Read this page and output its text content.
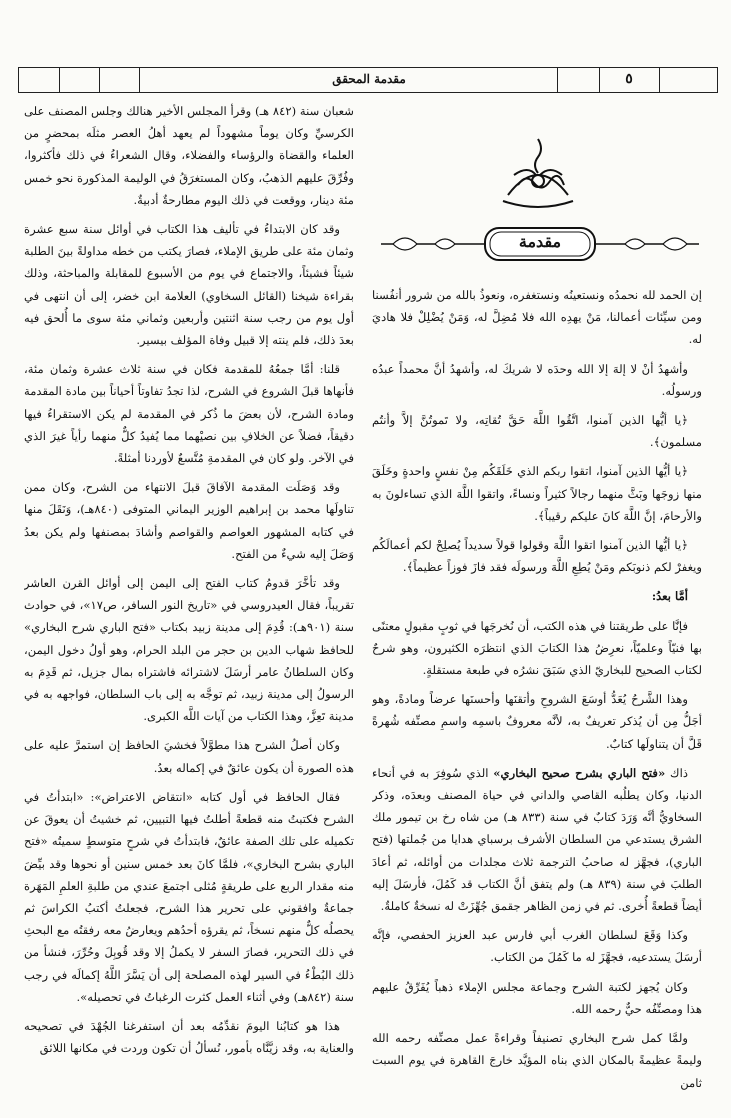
مقدمة المحقق	٥
مقدمة

إن الحمد لله نحمدُه ونستعينُه ونستغفره، ونعوذُ بالله من شرور أنفُسنا ومن سيِّئات أعمالنا، مَنْ يهدِه الله فلا مُضِلَّ له، وَمَنْ يُضْلِلْ فلا هاديَ له.

وأشهدُ أنْ لا إلهَ إلا الله وحدَه لا شريكَ له، وأشهدُ أنَّ محمداً عبدُه ورسولُه.

﴿يا أيُّها الذين آمنوا، اتَّقُوا اللَّهَ حَقَّ تُقاتِه، ولا تَموتُنَّ إلاَّ وأنتُم مسلمون﴾.

﴿يا أيُّها الذين آمنوا، اتقوا ربكم الذي خَلَقَكُم مِنْ نفسٍ واحدةٍ وخَلَقَ منها زوجَها وبَثَّ منهما رجالاً كثيراً ونساءً، واتقوا اللَّهَ الذي تساءلونَ به والأرحامَ، إنَّ اللَّهَ كانَ عليكم رقيباً﴾.

﴿يا أيُّها الذين آمنوا اتقوا اللَّهَ وقولوا قولاً سديداً يُصلِحْ لكم أعمالَكُم ويغفرْ لكم ذنوبَكم ومَنْ يُطِعِ اللَّهَ ورسولَه فقد فازَ فوزاً عظيماً﴾.

أمَّا بعدُ:

فإنَّا على طريقتنا في هذه الكتب، أن نُخرجَها في ثوبٍ مقبولٍ معتنًى بها فنيّاً وعلميّاً، نعرِضُ هذا الكتابَ الذي انتظرَه الكثيرون، وهو شرحٌ لكتاب الصحيح للبخاريّ الذي سَبَقَ نشرُه في طبعة مستقلةٍ.

وهذا الشَّرحُ يُعَدُّ أوسَعَ الشروحِ وأتقنَها وأحسنَها عرضاً ومادةً، وهو أجَلُّ مِن أن يُذكر تعريفٌ به، لأنَّه معروفٌ باسمِه واسمِ مصنِّفه شُهرةً قَلَّ أن يتناولَها كتابٌ.

ذاك «فتح الباري بشرح صحيح البخاري» الذي سُوفِرَ به في أنحاء الدنيا، وكان يطلُبه القاصي والداني في حياة المصنف وبعدَه، وذكر السخاويُّ أنَّه وَرَدَ كتابٌ في سنة (٨٣٣ هـ) من شاه رخ بن تيمور ملك الشرق يستدعي من السلطان الأشرف برسباي هدايا من جُملتها (فتح الباري)، فجهَّز له صاحبُ الترجمة ثلاث مجلدات من أوائله، ثم أعادَ الطلبَ في سنة (٨٣٩ هـ) ولم يتفق أنَّ الكتاب قد كَمُلَ، فأرسَلَ إليه أيضاً قطعةً أُخرى. ثم في زمن الظاهر جقمق جُهِّزَتْ له نسخةٌ كاملةٌ.

وكذا وَقَعَ لسلطان الغرب أبي فارس عبد العزيز الحفصي، فإنَّه أرسَلَ يستدعيه، فجهَّزَ له ما كَمُلَ من الكتاب.

وكان يُجهز لكتبة الشرح وجماعة مجلس الإملاء ذهباً يُفَرِّقُ عليهم هذا ومصنِّفُه حيٌّ رحمه الله.

ولمَّا كمل شرح البخاري تصنيفاً وقراءةً عمل مصنِّفه رحمه الله وليمةً عظيمةً بالمكان الذي بناه المؤيَّد خارجَ القاهرة في يوم السبت ثامن

شعبان سنة (٨٤٢ هـ) وقرأ المجلس الأخير هنالك وجلس المصنف على الكرسيِّ وكان يوماً مشهوداً لم يعهد أهلُ العصر مثلَه بمحضرٍ من العلماء والقضاة والرؤساء والفضلاء، وقال الشعراءُ في ذلك فأكثروا، وفُرِّقَ عليهم الذهبُ، وكان المستغرَقُ في الوليمة المذكورة نحو خمس مئة دينار، ووقعت في ذلك اليوم مطارحةٌ أدبيةٌ.

وقد كان الابتداءُ في تأليف هذا الكتاب في أوائل سنة سبع عشرة وثمان مئة على طريق الإملاء، فصارَ يكتب من خطه مداولةً بينَ الطلبة شيئاً فشيئاً، والاجتماع في يوم من الأسبوع للمقابلة والمباحثة، وذلك بقراءة شيخنا (القائل السخاوي) العلامة ابن خضر، إلى أن انتهى في أول يوم من رجب سنة اثنتين وأربعين وثماني مئة سوى ما أُلحق فيه بعدَ ذلك، فلم ينته إلا قبيل وفاة المؤلف بيسير.

قلنا: أمَّا جمعُهُ للمقدمة فكان في سنة ثلاث عشرة وثمان مئة، فأنهاها قبلَ الشروع في الشرح، لذا تجدُ تفاوتاً أحياناً بين مادة المقدمة ومادة الشرح، لأن بعضَ ما ذُكر في المقدمة لم يكن الاستقراءُ فيها دقيقاً، فضلاً عن الخلافِ بين نصيْهما مما يُفيدُ كلٌّ منهما رأياً غيرَ الذي في الآخر. ولو كان في المقدمةِ مُتَّسعٌ لأوردنا أمثلةً.

وقد وَصَلَت المقدمة الآفاقَ قبلَ الانتهاء من الشرح، وكان ممن تناولَها محمد بن إبراهيم الوزير اليماني المتوفى (٨٤٠هـ)، وَنَقَلَ منها في كتابه المشهور العواصم والقواصم وأشادَ بمصنفها ولم يكن بعدُ وَصَلَ إليه شيءٌ من الفتح.

وقد تأخَّرَ قدومُ كتاب الفتح إلى اليمن إلى أوائل القرن العاشر تقريباً، فقال العيدروسي في «تاريخ النور السافر، ص١٧»، في حوادث سنة (٩٠١هـ): قُدِمَ إلى مدينة زبيد بكتاب «فتح الباري شرح البخاري» للحافظ شهاب الدين بن حجر من البلد الحرام، وهو أولُ دخول اليمن، وكان السلطانُ عامر أرسَلَ لاشترائه فاشتراه بمال جزيل، ثم قَدِمَ به الرسولُ إلى مدينة زبيد، ثم توجَّه به إلى باب السلطان، فواجهه به في مدينة تَعِزَّ، وهذا الكتاب من آيات اللَّه الكبرى.

وكان أصلُ الشرح هذا مطوَّلاً فخشيَ الحافظ إن استمرَّ عليه على هذه الصورة أن يكون عائقٌ في إكماله بعدُ.

فقال الحافظ في أول كتابه «انتقاض الاعتراض»: «ابتدأتُ في الشرح فكتبتُ منه قطعةً أطلتُ فيها التبيين، ثم خشيتُ أن يعوقَ عن تكميله على تلك الصفة عائقٌ، فابتدأتُ في شرحٍ متوسطٍ سميتُه «فتح الباري بشرح البخاري»، فلمَّا كانَ بعد خمس سنين أو نحوها وقد بيِّضَ منه مقدار الربع على طريقةٍ مُثلى اجتمعَ عندي من طلبةِ العلمِ المَهَرة جماعةٌ وافقوني على تحرير هذا الشرح، فجعلتُ أكتبُ الكراسَ ثم يحصلُه كلٌّ منهم نسخاً، ثم يقرؤه أحدُهم ويعارضُ معه رفقتُه مع البحثِ في ذلك التحرير، فصارَ السفر لا يكملُ إلا وقد قُوبِلَ وحُرِّرَ، فنشأ من ذلك البُطْءُ في السير لهذه المصلحة إلى أن يَسَّرَ اللَّهُ إكمالَه في رجب سنة (٨٤٢هـ) وفي أثناء العمل كثرت الرغباتُ في تحصيله».

هذا هو كتابُنا اليومَ نقدِّمُه بعد أن استفرغنا الجُهْدَ في تصحيحه والعناية به، وقد زيَّنَّاه بأمور، نُسألُ أن تكون وردت في مكانها اللائق
